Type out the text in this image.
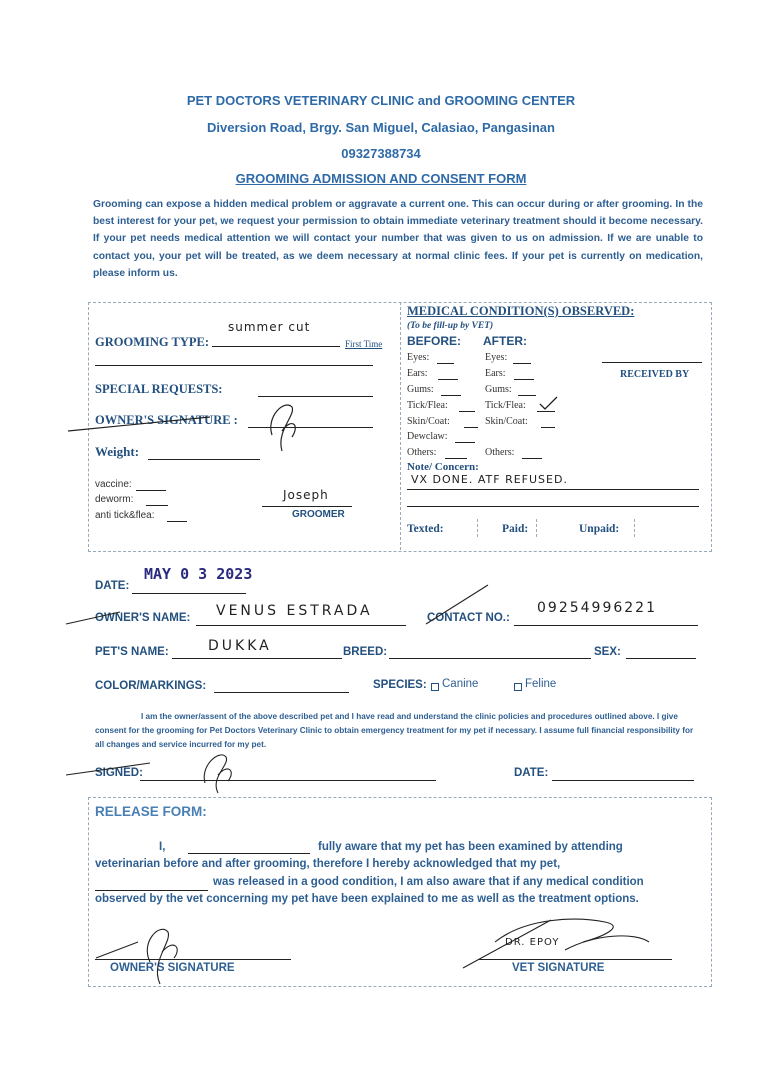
PET DOCTORS VETERINARY CLINIC and GROOMING CENTER
Diversion Road, Brgy. San Miguel, Calasiao, Pangasinan
09327388734
GROOMING ADMISSION AND CONSENT FORM
Grooming can expose a hidden medical problem or aggravate a current one. This can occur during or after grooming. In the best interest for your pet, we request your permission to obtain immediate veterinary treatment should it become necessary. If your pet needs medical attention we will contact your number that was given to us on admission. If we are unable to contact you, your pet will be treated, as we deem necessary at normal clinic fees. If your pet is currently on medication, please inform us.
GROOMING TYPE:
summer cut
First Time
SPECIAL REQUESTS:
OWNER'S SIGNATURE :
Weight:
vaccine:
deworm:
anti tick&flea:
Joseph
GROOMER
MEDICAL CONDITION(S) OBSERVED:
(To be fill-up by VET)
BEFORE: AFTER:
Eyes:	Eyes:
Ears:	Ears:
Gums:	Gums:
Tick/Flea:	Tick/Flea:
Skin/Coat:	Skin/Coat:
Dewclaw:
Others:	Others:
RECEIVED BY
Note/ Concern:
VX DONE. ATF REFUSED.
Texted:	Paid:	Unpaid:
MAY 0 3 2023
DATE:
OWNER'S NAME: VENUS ESTRADA	CONTACT NO.:
09254996221
PET'S NAME:	DUKKA	BREED:	SEX:
COLOR/MARKINGS:	SPECIES: Canine	Feline
I am the owner/assent of the above described pet and I have read and understand the clinic policies and procedures outlined above. I give consent for the grooming for Pet Doctors Veterinary Clinic to obtain emergency treatment for my pet if necessary. I assume full financial responsibility for all changes and service incurred for my pet.
SIGNED:	DATE:
RELEASE FORM:
I,	fully aware that my pet has been examined by attending
veterinarian before and after grooming, therefore I hereby acknowledged that my pet,
was released in a good condition, I am also aware that if any medical condition
observed by the vet concerning my pet have been explained to me as well as the treatment options.
OWNER'S SIGNATURE	VET SIGNATURE
DR. EPOY
